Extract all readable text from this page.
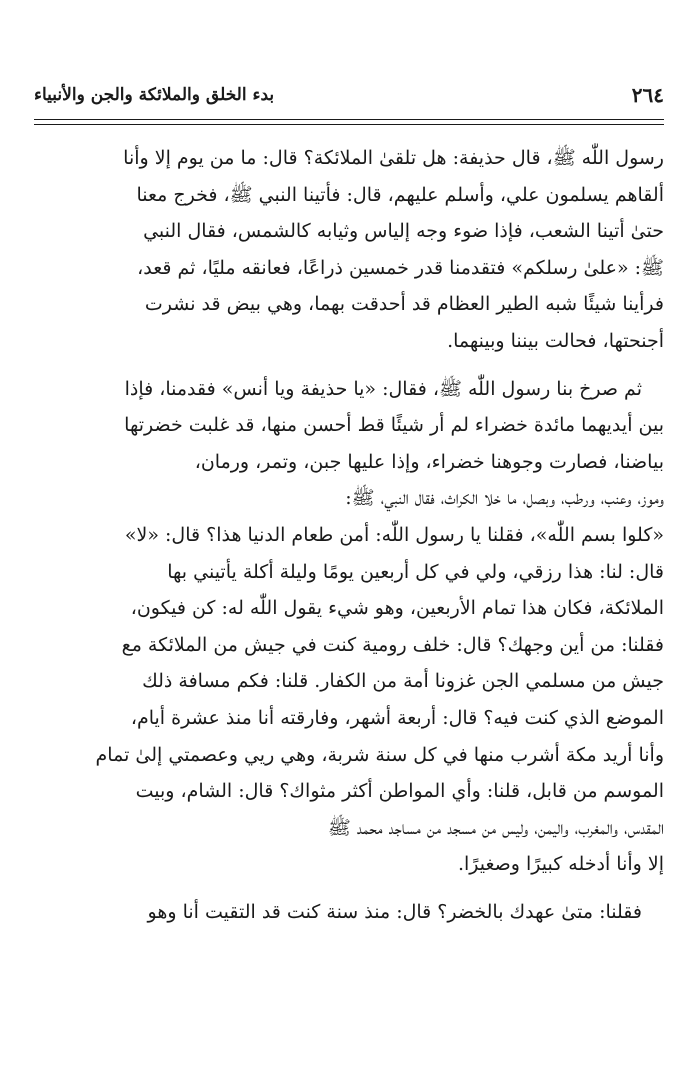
٢٦٤
بدء الخلق والملائكة والجن والأنبياء

رسول اللّٰه ﷺ، قال حذيفة: هل تلقىٰ الملائكة؟ قال: ما من يوم إلا وأنا
ألقاهم يسلمون علي، وأسلم عليهم، قال: فأتينا النبي ﷺ، فخرج معنا
حتىٰ أتينا الشعب، فإذا ضوء وجه إلياس وثيابه كالشمس، فقال النبي
ﷺ: «علىٰ رسلكم» فتقدمنا قدر خمسين ذراعًا، فعانقه مليًا، ثم قعد،
فرأينا شيئًا شبه الطير العظام قد أحدقت بهما، وهي بيض قد نشرت
أجنحتها، فحالت بيننا وبينهما.

ثم صرخ بنا رسول اللّٰه ﷺ، فقال: «يا حذيفة ويا أنس» فقدمنا، فإذا
بين أيديهما مائدة خضراء لم أر شيئًا قط أحسن منها، قد غلبت خضرتها
بياضنا، فصارت وجوهنا خضراء، وإذا عليها جبن، وتمر، ورمان،
وموز، وعنب، ورطب، وبصل، ما خلا الكراث، فقال النبي، ﷺ:
«كلوا بسم اللّٰه»، فقلنا يا رسول اللّٰه: أمن طعام الدنيا هذا؟ قال: «لا»
قال: لنا: هذا رزقي، ولي في كل أربعين يومًا وليلة أكلة يأتيني بها
الملائكة، فكان هذا تمام الأربعين، وهو شيء يقول اللّٰه له: كن فيكون،
فقلنا: من أين وجهك؟ قال: خلف رومية كنت في جيش من الملائكة مع
جيش من مسلمي الجن غزونا أمة من الكفار. قلنا: فكم مسافة ذلك
الموضع الذي كنت فيه؟ قال: أربعة أشهر، وفارقته أنا منذ عشرة أيام،
وأنا أريد مكة أشرب منها في كل سنة شربة، وهي ريي وعصمتي إلىٰ تمام
الموسم من قابل، قلنا: وأي المواطن أكثر مثواك؟ قال: الشام، وبيت
المقدس، والمغرب، واليمن، وليس من مسجد من مساجد محمد ﷺ
إلا وأنا أدخله كبيرًا وصغيرًا.

فقلنا: متىٰ عهدك بالخضر؟ قال: منذ سنة كنت قد التقيت أنا وهو
